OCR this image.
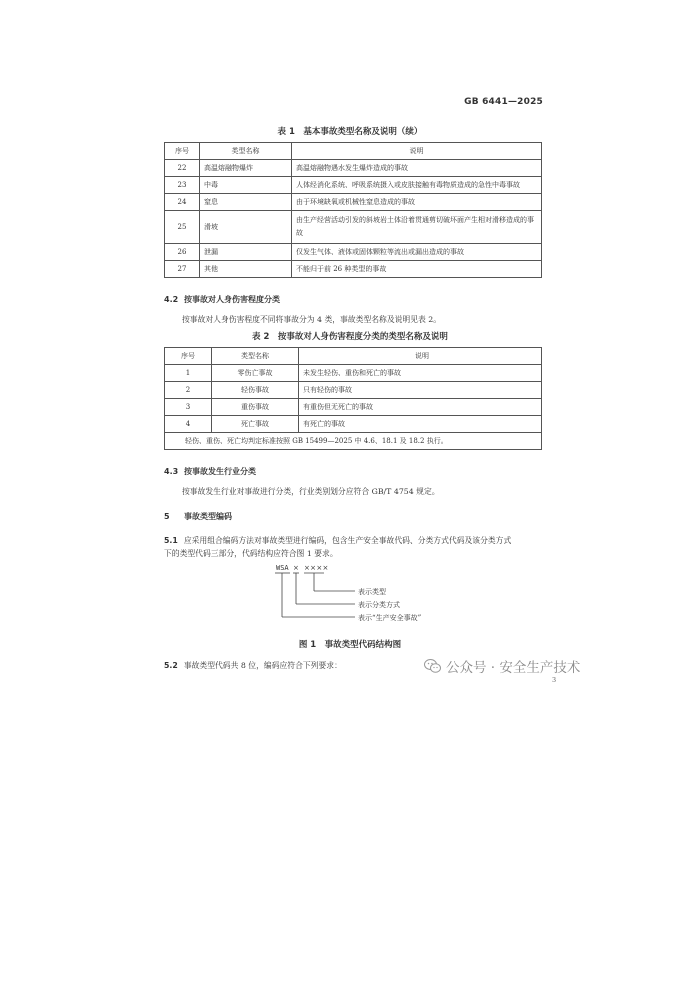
GB 6441—2025
表 1　基本事故类型名称及说明（续）
序号	类型名称	说明
22	高温熔融物爆炸	高温熔融物遇水发生爆炸造成的事故
23	中毒	人体经消化系统、呼吸系统摄入或皮肤接触有毒物质造成的急性中毒事故
24	窒息	由于环境缺氧或机械性窒息造成的事故
25	滑坡	由生产经营活动引发的斜坡岩土体沿着贯通剪切破坏面产生相对滑移造成的事故
26	泄漏	仅发生气体、液体或固体颗粒等流出或漏出造成的事故
27	其他	不能归于前 26 种类型的事故
4.2 按事故对人身伤害程度分类
按事故对人身伤害程度不同将事故分为 4 类，事故类型名称及说明见表 2。
表 2　按事故对人身伤害程度分类的类型名称及说明
序号	类型名称	说明
1	零伤亡事故	未发生轻伤、重伤和死亡的事故
2	轻伤事故	只有轻伤的事故
3	重伤事故	有重伤但无死亡的事故
4	死亡事故	有死亡的事故
轻伤、重伤、死亡均判定标准按照 GB 15499—2025 中 4.6、18.1 及 18.2 执行。		
4.3 按事故发生行业分类
按事故发生行业对事故进行分类，行业类别划分应符合 GB/T 4754 规定。
5 事故类型编码
5.1 应采用组合编码方法对事故类型进行编码，包含生产安全事故代码、分类方式代码及该分类方式
下的类型代码三部分，代码结构应符合图 1 要求。
WSA × ××××
表示类型
表示分类方式
表示“生产安全事故”
图 1　事故类型代码结构图
5.2 事故类型代码共 8 位，编码应符合下列要求：	公众号 · 安全生产技术
3
